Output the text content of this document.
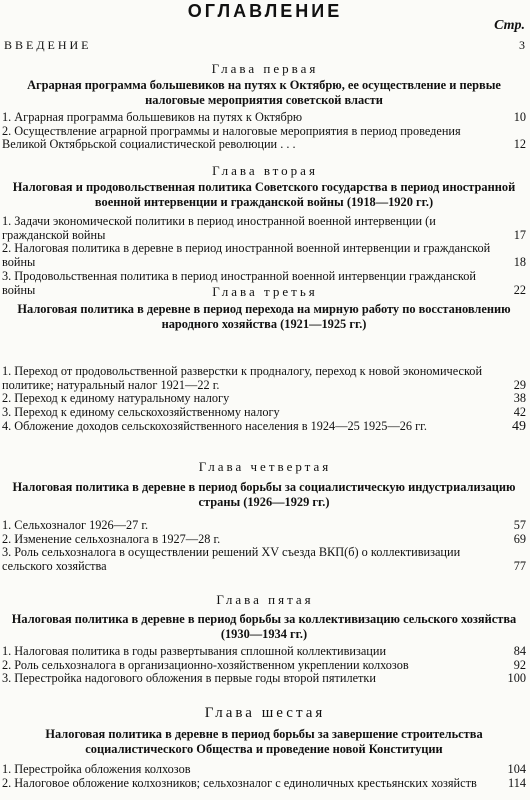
ОГЛАВЛЕНИЕ
Стр.
ВВЕДЕНИЕ	3
Глава первая
Аграрная программа большевиков на путях к Октябрю, ее осуществление и первые налоговые мероприятия советской власти
1. Аграрная программа большевиков на путях к Октябрю	10
2. Осуществление аграрной программы и налоговые мероприятия в период проведения Великой Октябрьской социалистической революции . . .	12
Глава вторая
Налоговая и продовольственная политика Советского государства в период иностранной военной интервенции и гражданской войны (1918—1920 гг.)
1. Задачи экономической политики в период иностранной военной интервенции (и гражданской войны	17
2. Налоговая политика в деревне в период иностранной военной интервенции и гражданской войны	18
3. Продовольственная политика в период иностранной военной интервенции гражданской войны	22
Глава третья
Налоговая политика в деревне в период перехода на мирную работу по восстановлению народного хозяйства (1921—1925 гг.)
1. Переход от продовольственной разверстки к продналогу, переход к новой экономической политике; натуральный налог 1921—22 г.	29
2. Переход к единому натуральному налогу	38
3. Переход к единому сельскохозяйственному налогу	42
4. Обложение доходов сельскохозяйственного населения в 1924—25 1925—26 гг.	49
Глава четвертая
Налоговая политика в деревне в период борьбы за социалистическую индустриализацию страны (1926—1929 гг.)
1. Сельхозналог 1926—27 г.	57
2. Изменение сельхозналога в 1927—28 г.	69
3. Роль сельхозналога в осуществлении решений XV съезда ВКП(б) о коллективизации сельского хозяйства	77
Глава пятая
Налоговая политика в деревне в период борьбы за коллективизацию сельского хозяйства (1930—1934 гг.)
1. Налоговая политика в годы развертывания сплошной коллективизации	84
2. Роль сельхозналога в организационно-хозяйственном укреплении колхозов	92
3. Перестройка надогового обложения в первые годы второй пятилетки	100
Глава шестая
Налоговая политика в деревне в период борьбы за завершение строительства социалистического Общества и проведение новой Конституции
1. Перестройка обложения колхозов	104
2. Налоговое обложение колхозников; сельхозналог с единоличных крестьянских хозяйств	114
